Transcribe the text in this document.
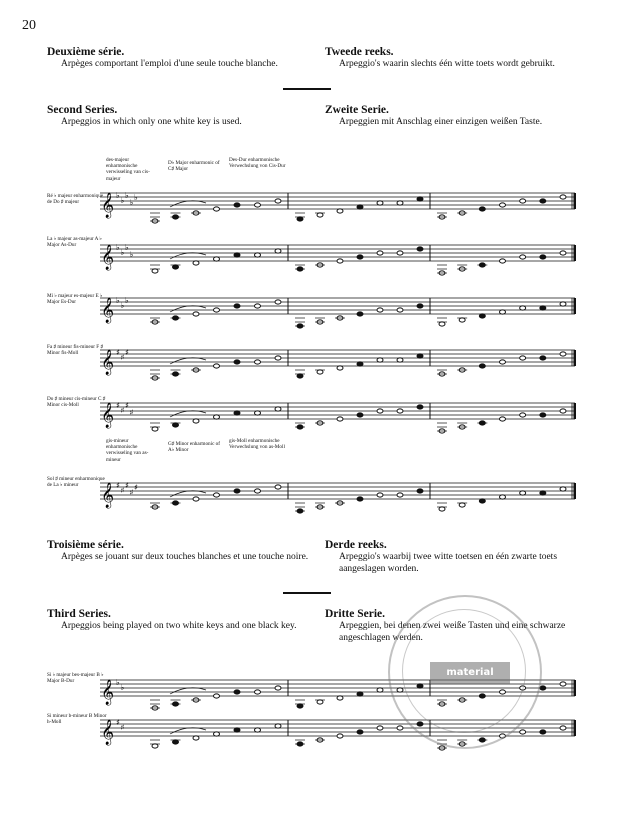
20
Deuxième série.
Arpèges comportant l'emploi d'une seule touche blanche.
Tweede reeks.
Arpeggio's waarin slechts één witte toets wordt gebruikt.
Second Series.
Arpeggios in which only one white key is used.
Zweite Serie.
Arpeggien mit Anschlag einer einzigen weißen Taste.
des-majeur enharmonische verwisseling van cis-majeur
D♭ Major enharmonic of C♯ Major
Des-Dur enharmonische Verwechslung von Cis-Dur
gis-mineur enharmonische verwisseling van as-mineur
G♯ Minor enharmonic of A♭ Minor
gis-Moll enharmonische Verwechslung von as-Moll
Ré ♭ majeur enharmonique de Do ♯ majeur
La ♭ majeur as-majeur A ♭ Major As-Dur
Mi ♭ majeur es-majeur E ♭ Major Es-Dur
Fa ♯ mineur fis-mineur F ♯ Minor fis-Moll
Do ♯ mineur cis-mineur C ♯ Minor cis-Moll
Sol ♯ mineur enharmonique de La ♭ mineur
Si ♭ majeur bes-majeur B ♭ Major B-Dur
Si mineur b-mineur B Minor h-Moll
Troisième série.
Arpèges se jouant sur deux touches blanches et une touche noire.
Derde reeks.
Arpeggio's waarbij twee witte toetsen en één zwarte toets aangeslagen worden.
Third Series.
Arpeggios being played on two white keys and one black key.
Dritte Serie.
Arpeggien, bei denen zwei weiße Tasten und eine schwarze angeschlagen werden.
𝄞 ♭
♭
♭
♭
♭
𝄞 ♭
♭
♭
♭
𝄞 ♭
♭
♭
𝄞 ♯
♯
♯
𝄞 ♯
♯
♯
♯
𝄞 ♯
♯
♯
♯
♯
𝄞 ♭
♭
𝄞 ♯
♯
material
